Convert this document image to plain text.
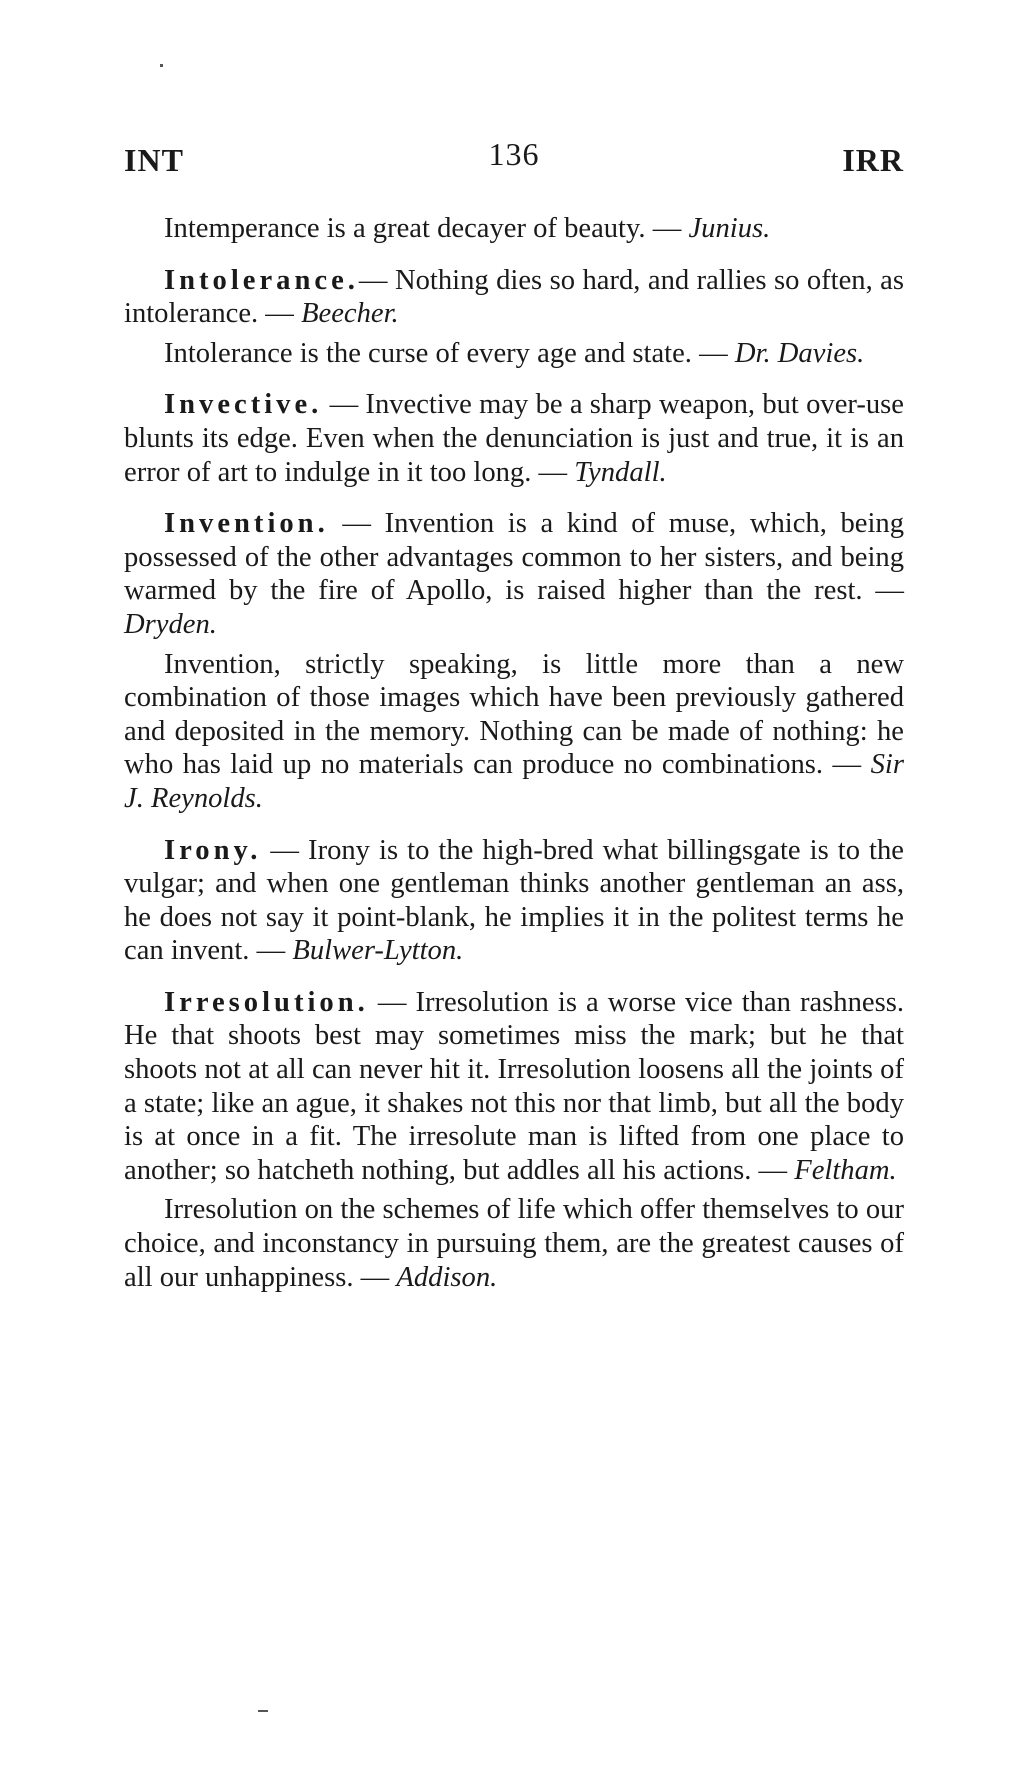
INT	136	IRR

Intemperance is a great decayer of beauty. — Junius.

Intolerance.— Nothing dies so hard, and rallies so often, as intolerance. — Beecher.

Intolerance is the curse of every age and state. — Dr. Davies.

Invective. — Invective may be a sharp weapon, but over-use blunts its edge. Even when the denunciation is just and true, it is an error of art to indulge in it too long. — Tyndall.

Invention. — Invention is a kind of muse, which, being possessed of the other advantages common to her sisters, and being warmed by the fire of Apollo, is raised higher than the rest. — Dryden.

Invention, strictly speaking, is little more than a new combination of those images which have been previously gathered and deposited in the memory. Nothing can be made of nothing: he who has laid up no materials can produce no combinations. — Sir J. Reynolds.

Irony. — Irony is to the high-bred what billingsgate is to the vulgar; and when one gentleman thinks another gentleman an ass, he does not say it point-blank, he implies it in the politest terms he can invent. — Bulwer-Lytton.

Irresolution. — Irresolution is a worse vice than rashness. He that shoots best may sometimes miss the mark; but he that shoots not at all can never hit it. Irresolution loosens all the joints of a state; like an ague, it shakes not this nor that limb, but all the body is at once in a fit. The irresolute man is lifted from one place to another; so hatcheth nothing, but addles all his actions. — Feltham.

Irresolution on the schemes of life which offer themselves to our choice, and inconstancy in pursuing them, are the greatest causes of all our unhappiness. — Addison.
